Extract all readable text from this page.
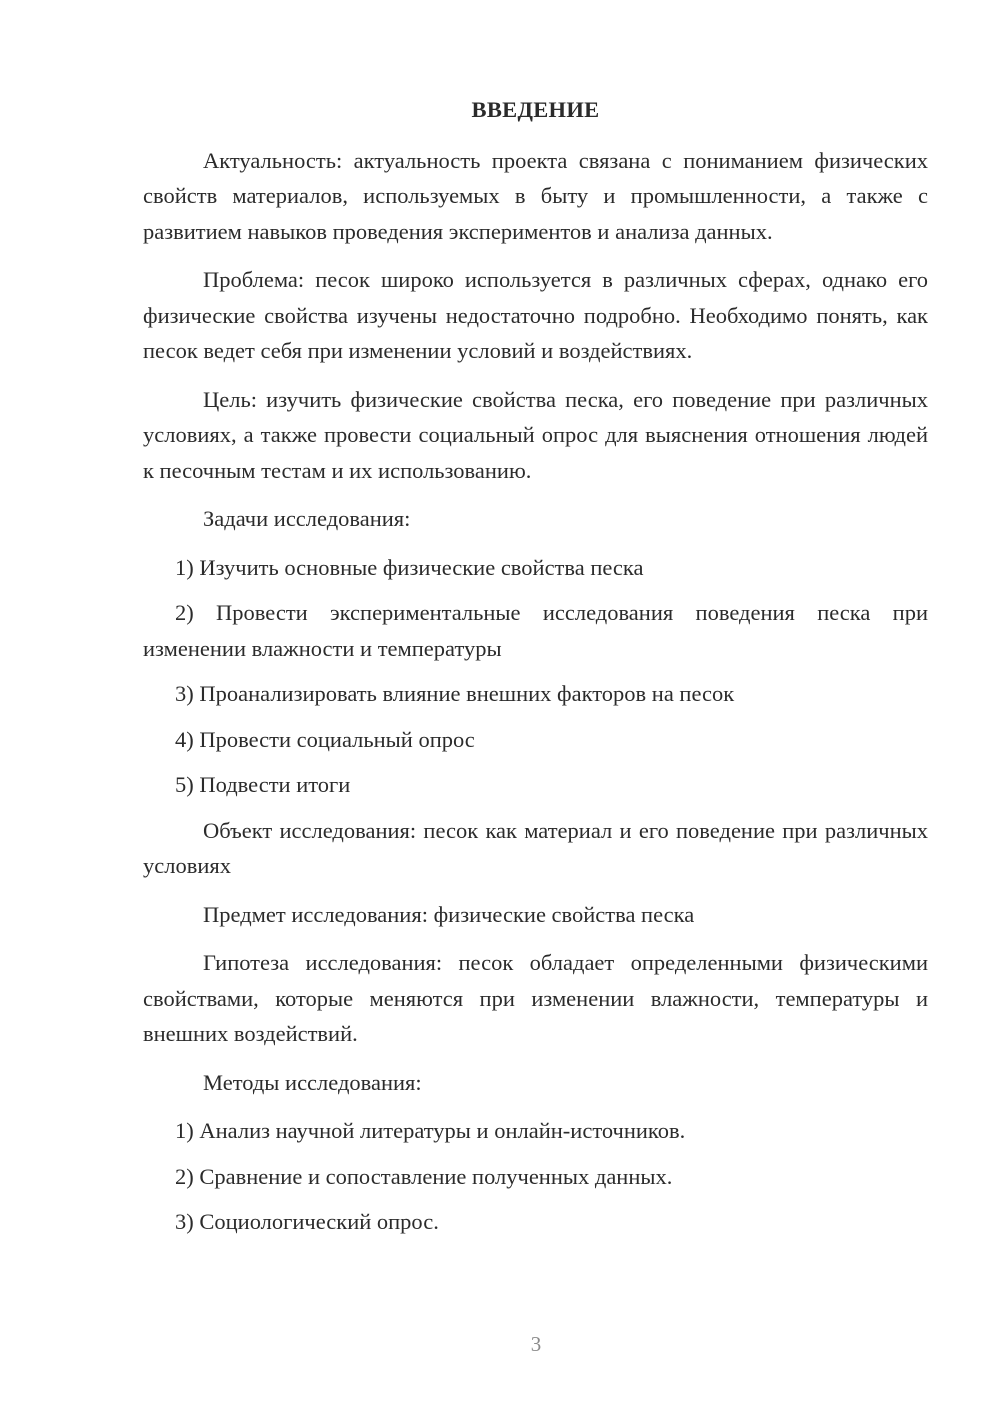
ВВЕДЕНИЕ

Актуальность: актуальность проекта связана с пониманием физических свойств материалов, используемых в быту и промышленности, а также с развитием навыков проведения экспериментов и анализа данных.

Проблема: песок широко используется в различных сферах, однако его физические свойства изучены недостаточно подробно. Необходимо понять, как песок ведет себя при изменении условий и воздействиях.

Цель: изучить физические свойства песка, его поведение при различных условиях, а также провести социальный опрос для выяснения отношения людей к песочным тестам и их использованию.

Задачи исследования:

1) Изучить основные физические свойства песка

2) Провести экспериментальные исследования поведения песка при изменении влажности и температуры

3) Проанализировать влияние внешних факторов на песок

4) Провести социальный опрос

5) Подвести итоги

Объект исследования: песок как материал и его поведение при различных условиях

Предмет исследования: физические свойства песка

Гипотеза исследования: песок обладает определенными физическими свойствами, которые меняются при изменении влажности, температуры и внешних воздействий.

Методы исследования:

1) Анализ научной литературы и онлайн-источников.

2) Сравнение и сопоставление полученных данных.

3) Социологический опрос.

3
